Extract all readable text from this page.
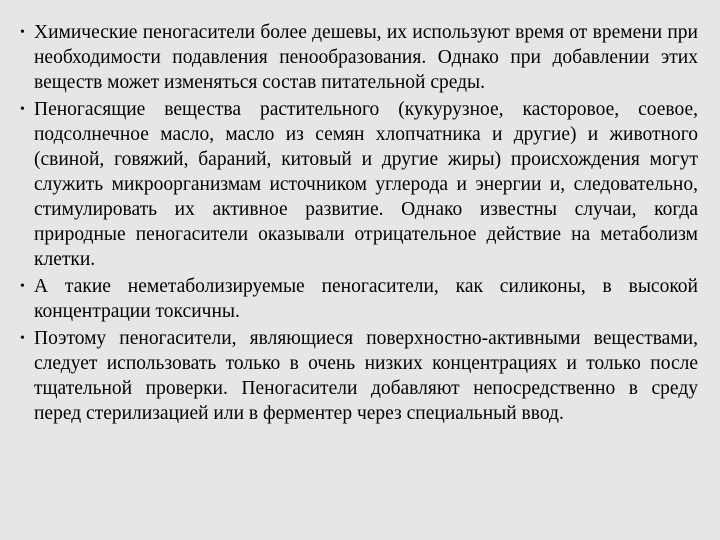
• Химические пеногасители более дешевы, их используют время от времени при необходимости подавления пенообразования. Однако при добавлении этих веществ может изменяться состав питательной среды.
• Пеногасящие вещества растительного (кукурузное, касторовое, соевое, подсолнечное масло, масло из семян хлопчатника и другие) и животного (свиной, говяжий, бараний, китовый и другие жиры) происхождения могут служить микроорганизмам источником углерода и энергии и, следовательно, стимулировать их активное развитие. Однако известны случаи, когда природные пеногасители оказывали отрицательное действие на метаболизм клетки.
• А такие неметаболизируемые пеногасители, как силиконы, в высокой концентрации токсичны.
• Поэтому пеногасители, являющиеся поверхностно-активными веществами, следует использовать только в очень низких концентрациях и только после тщательной проверки. Пеногасители добавляют непосредственно в среду перед стерилизацией или в ферментер через специальный ввод.
